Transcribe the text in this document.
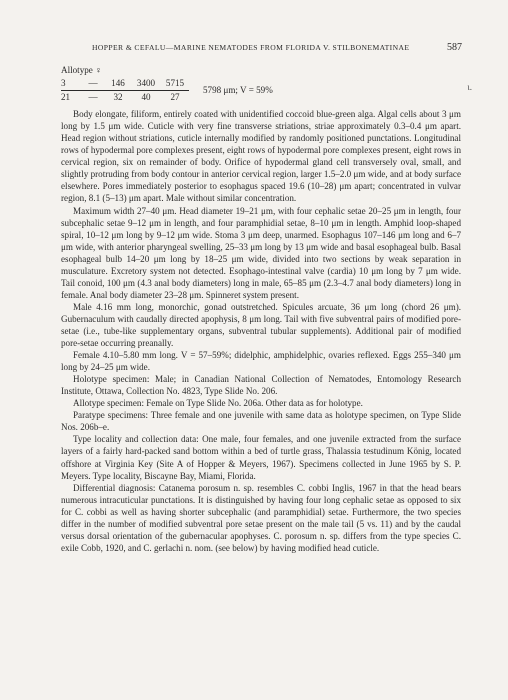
HOPPER & CEFALU—MARINE NEMATODES FROM FLORIDA V. STILBONEMATINAE	587
ι.
Allotype ♀
3	—	146	3400	5715
21	—	32	40	27 5798 μm; V = 59%

Body elongate, filiform, entirely coated with unidentified coccoid blue-green alga. Algal cells about 3 μm long by 1.5 μm wide. Cuticle with very fine transverse striations, striae approximately 0.3–0.4 μm apart. Head region without striations, cuticle internally modified by randomly positioned punctations. Longitudinal rows of hypodermal pore complexes present, eight rows of hypodermal pore complexes present, eight rows in cervical region, six on remainder of body. Orifice of hypodermal gland cell transversely oval, small, and slightly protruding from body contour in anterior cervical region, larger 1.5–2.0 μm wide, and at body surface elsewhere. Pores immediately posterior to esophagus spaced 19.6 (10–28) μm apart; concentrated in vulvar region, 8.1 (5–13) μm apart. Male without similar concentration.

Maximum width 27–40 μm. Head diameter 19–21 μm, with four cephalic setae 20–25 μm in length, four subcephalic setae 9–12 μm in length, and four paramphidial setae, 8–10 μm in length. Amphid loop-shaped spiral, 10–12 μm long by 9–12 μm wide. Stoma 3 μm deep, unarmed. Esophagus 107–146 μm long and 6–7 μm wide, with anterior pharyngeal swelling, 25–33 μm long by 13 μm wide and basal esophageal bulb. Basal esophageal bulb 14–20 μm long by 18–25 μm wide, divided into two sections by weak separation in musculature. Excretory system not detected. Esophago-intestinal valve (cardia) 10 μm long by 7 μm wide. Tail conoid, 100 μm (4.3 anal body diameters) long in male, 65–85 μm (2.3–4.7 anal body diameters) long in female. Anal body diameter 23–28 μm. Spinneret system present.

Male 4.16 mm long, monorchic, gonad outstretched. Spicules arcuate, 36 μm long (chord 26 μm). Gubernaculum with caudally directed apophysis, 8 μm long. Tail with five subventral pairs of modified pore-setae (i.e., tube-like supplementary organs, subventral tubular supplements). Additional pair of modified pore-setae occurring preanally.

Female 4.10–5.80 mm long. V = 57–59%; didelphic, amphidelphic, ovaries reflexed. Eggs 255–340 μm long by 24–25 μm wide.

Holotype specimen: Male; in Canadian National Collection of Nematodes, Entomology Research Institute, Ottawa, Collection No. 4823, Type Slide No. 206.

Allotype specimen: Female on Type Slide No. 206a. Other data as for holotype.

Paratype specimens: Three female and one juvenile with same data as holotype specimen, on Type Slide Nos. 206b–e.

Type locality and collection data: One male, four females, and one juvenile extracted from the surface layers of a fairly hard-packed sand bottom within a bed of turtle grass, Thalassia testudinum König, located offshore at Virginia Key (Site A of Hopper & Meyers, 1967). Specimens collected in June 1965 by S. P. Meyers. Type locality, Biscayne Bay, Miami, Florida.

Differential diagnosis: Catanema porosum n. sp. resembles C. cobbi Inglis, 1967 in that the head bears numerous intracuticular punctations. It is distinguished by having four long cephalic setae as opposed to six for C. cobbi as well as having shorter subcephalic (and paramphidial) setae. Furthermore, the two species differ in the number of modified subventral pore setae present on the male tail (5 vs. 11) and by the caudal versus dorsal orientation of the gubernacular apophyses. C. porosum n. sp. differs from the type species C. exile Cobb, 1920, and C. gerlachi n. nom. (see below) by having modified head cuticle.
